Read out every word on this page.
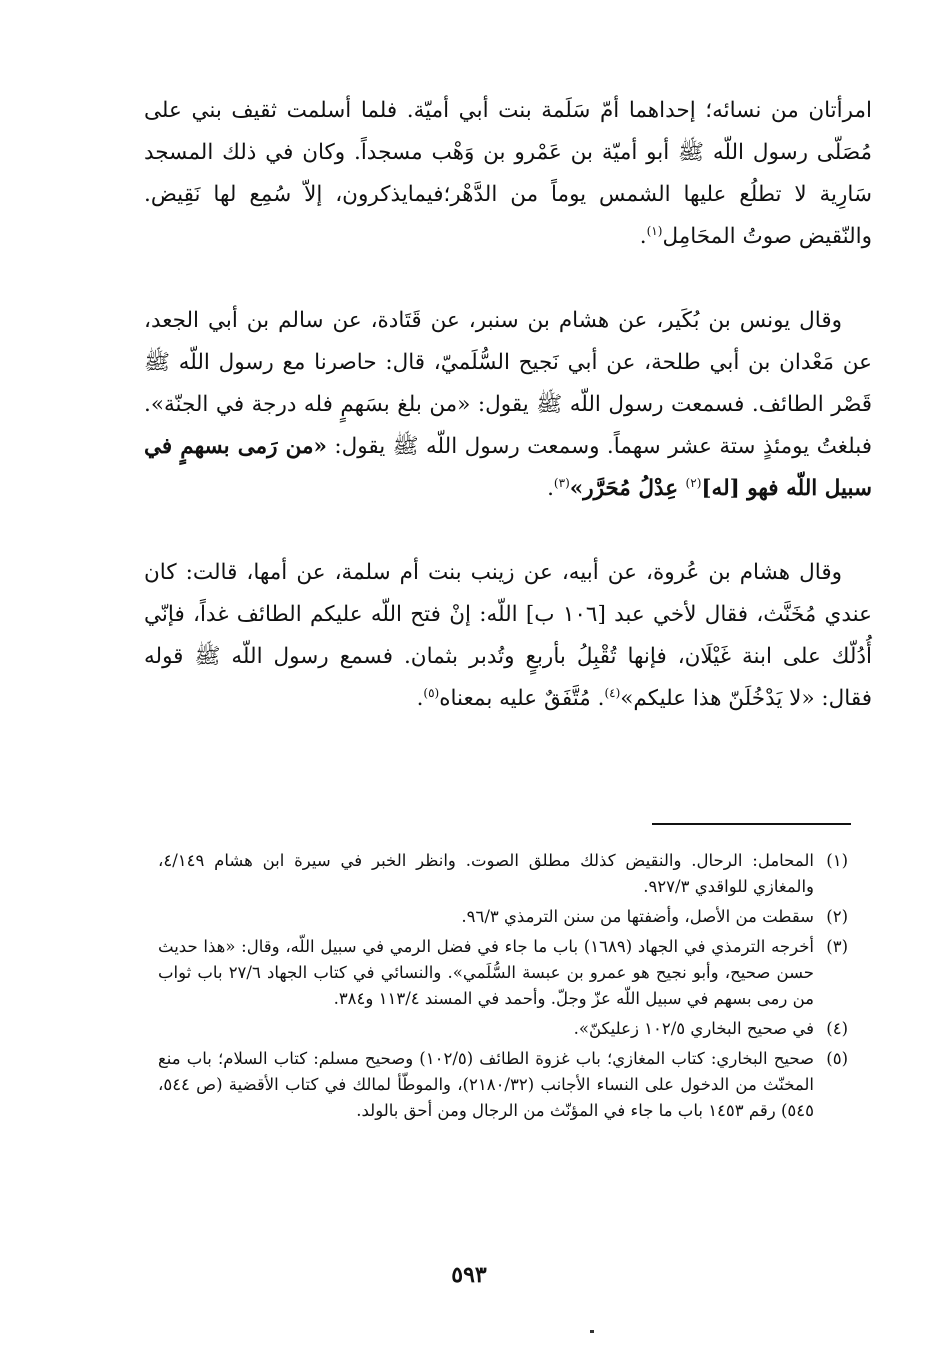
امرأتان من نسائه؛ إحداهما أمّ سَلَمة بنت أبي أميّة. فلما أسلمت ثقيف بني على مُصَلّى رسول اللّه ﷺ أبو أميّة بن عَمْرو بن وَهْب مسجداً. وكان في ذلك المسجد سَارِية لا تطلُع عليها الشمس يوماً من الدَّهْر؛فيمايذكرون، إلاّ سُمِع لها نَقِيض. والنّقيض صوتُ المحَامِل$^{(١)}$.

وقال يونس بن بُكَير، عن هشام بن سنبر، عن قَتَادة، عن سالم بن أبي الجعد، عن مَعْدان بن أبي طلحة، عن أبي نَجيح السُّلَميّ، قال: حاصرنا مع رسول اللّه ﷺ قَصْر الطائف. فسمعت رسول اللّه ﷺ يقول: «من بلغ بسَهمٍ فله درجة في الجنّة». فبلغتُ يومئذٍ ستة عشر سهماً. وسمعت رسول اللّه ﷺ يقول: «من رَمى بسهمٍ في سبيل اللّه فهو [له]$^{(٢)}$ عِدْلُ مُحَرَّر»$^{(٣)}$.

وقال هشام بن عُروة، عن أبيه، عن زينب بنت أم سلمة، عن أمها، قالت: كان عندي مُخَنَّث، فقال لأخي عبد [١٠٦ ب] اللّه: إنْ فتح اللّه عليكم الطائف غداً، فإنّي أُدُلّك على ابنة غَيْلَان، فإنها تُقْبِلُ بأربعٍ وتُدبر بثمان. فسمع رسول اللّه ﷺ قوله فقال: «لا يَدْخُلَنّ هذا عليكم»$^{(٤)}$. مُتَّفَقٌ عليه بمعناه$^{(٥)}$.

(١)
المحامل: الرحال. والنقيض كذلك مطلق الصوت. وانظر الخبر في سيرة ابن هشام ٤/١٤٩، والمغازي للواقدي ٩٢٧/٣.
(٢)
سقطت من الأصل، وأضفتها من سنن الترمذي ٩٦/٣.
(٣)
أخرجه الترمذي في الجهاد (١٦٨٩) باب ما جاء في فضل الرمي في سبيل اللّه، وقال: «هذا حديث حسن صحيح، وأبو نجيح هو عمرو بن عبسة السُّلَمي». والنسائي في كتاب الجهاد ٢٧/٦ باب ثواب من رمى بسهم في سبيل اللّه عزّ وجلّ. وأحمد في المسند ١١٣/٤ و٣٨٤.
(٤)
في صحيح البخاري ١٠٢/٥ زعليكنّ».
(٥)
صحيح البخاري: كتاب المغازي؛ باب غزوة الطائف (١٠٢/٥) وصحيح مسلم: كتاب السلام؛ باب منع المخنّث من الدخول على النساء الأجانب (٢١٨٠/٣٢)، والموطّأ لمالك في كتاب الأقضية (ص ٥٤٤، ٥٤٥) رقم ١٤٥٣ باب ما جاء في المؤنّث من الرجال ومن أحق بالولد.
٥٩٣
